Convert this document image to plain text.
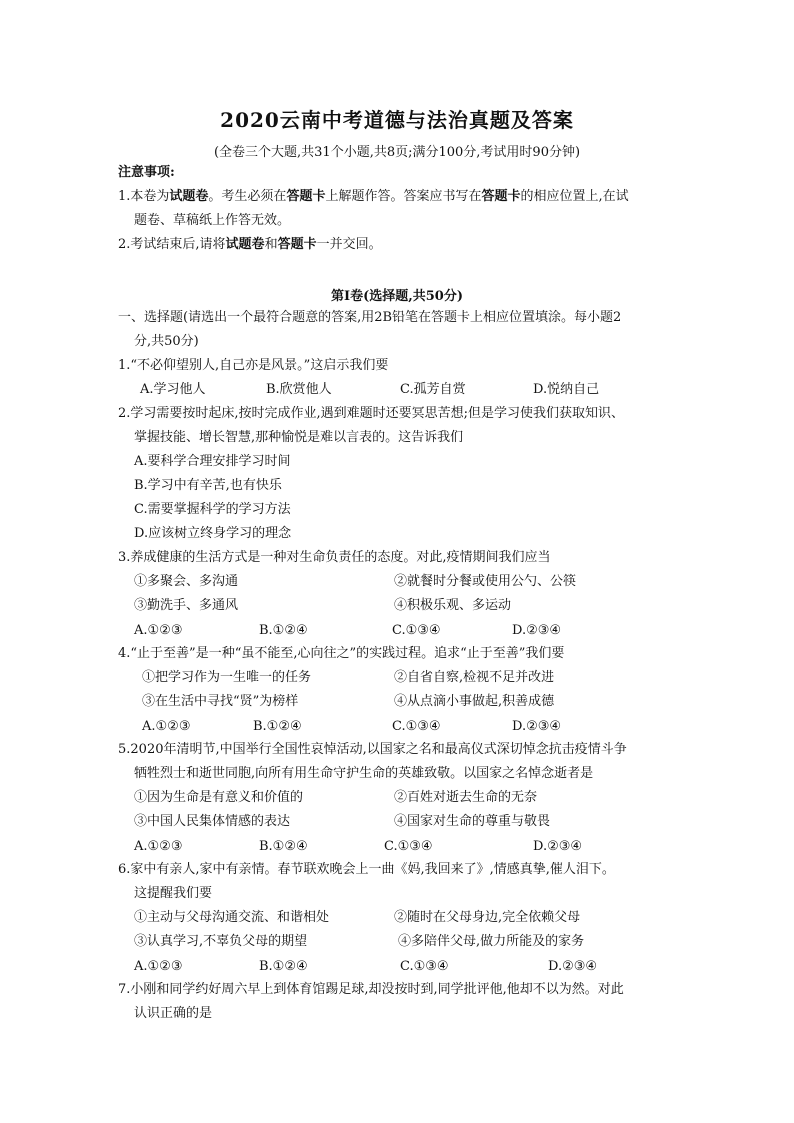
2020云南中考道德与法治真题及答案
(全卷三个大题,共31个小题,共8页;满分100分,考试用时90分钟)
注意事项:
1.本卷为试题卷。考生必须在答题卡上解题作答。答案应书写在答题卡的相应位置上,在试
题卷、草稿纸上作答无效。
2.考试结束后,请将试题卷和答题卡一并交回。
第I卷(选择题,共50分)
一、选择题(请选出一个最符合题意的答案,用2B铅笔在答题卡上相应位置填涂。每小题2
分,共50分)
1.“不必仰望别人,自己亦是风景。”这启示我们要
A.学习他人	B.欣赏他人	C.孤芳自赏	D.悦纳自己
2.学习需要按时起床,按时完成作业,遇到难题时还要冥思苦想;但是学习使我们获取知识、
掌握技能、增长智慧,那种愉悦是难以言表的。这告诉我们
A.要科学合理安排学习时间
B.学习中有辛苦,也有快乐
C.需要掌握科学的学习方法
D.应该树立终身学习的理念
3.养成健康的生活方式是一种对生命负责任的态度。对此,疫情期间我们应当
①多聚会、多沟通	②就餐时分餐或使用公勺、公筷
③勤洗手、多通风	④积极乐观、多运动
A.①②③	B.①②④	C.①③④	D.②③④
4.“止于至善”是一种“虽不能至,心向往之”的实践过程。追求“止于至善”我们要
①把学习作为一生唯一的任务	②自省自察,检视不足并改进
③在生活中寻找“贤”为榜样	④从点滴小事做起,积善成德
A.①②③	B.①②④	C.①③④	D.②③④
5.2020年清明节,中国举行全国性哀悼活动,以国家之名和最高仪式深切悼念抗击疫情斗争
牺牲烈士和逝世同胞,向所有用生命守护生命的英雄致敬。以国家之名悼念逝者是
①因为生命是有意义和价值的	②百姓对逝去生命的无奈
③中国人民集体情感的表达	④国家对生命的尊重与敬畏
A.①②③	B.①②④	C.①③④	D.②③④
6.家中有亲人,家中有亲情。春节联欢晚会上一曲《妈,我回来了》,情感真挚,催人泪下。
这提醒我们要
①主动与父母沟通交流、和谐相处	②随时在父母身边,完全依赖父母
③认真学习,不辜负父母的期望	④多陪伴父母,做力所能及的家务
A.①②③	B.①②④	C.①③④	D.②③④
7.小刚和同学约好周六早上到体育馆踢足球,却没按时到,同学批评他,他却不以为然。对此
认识正确的是
